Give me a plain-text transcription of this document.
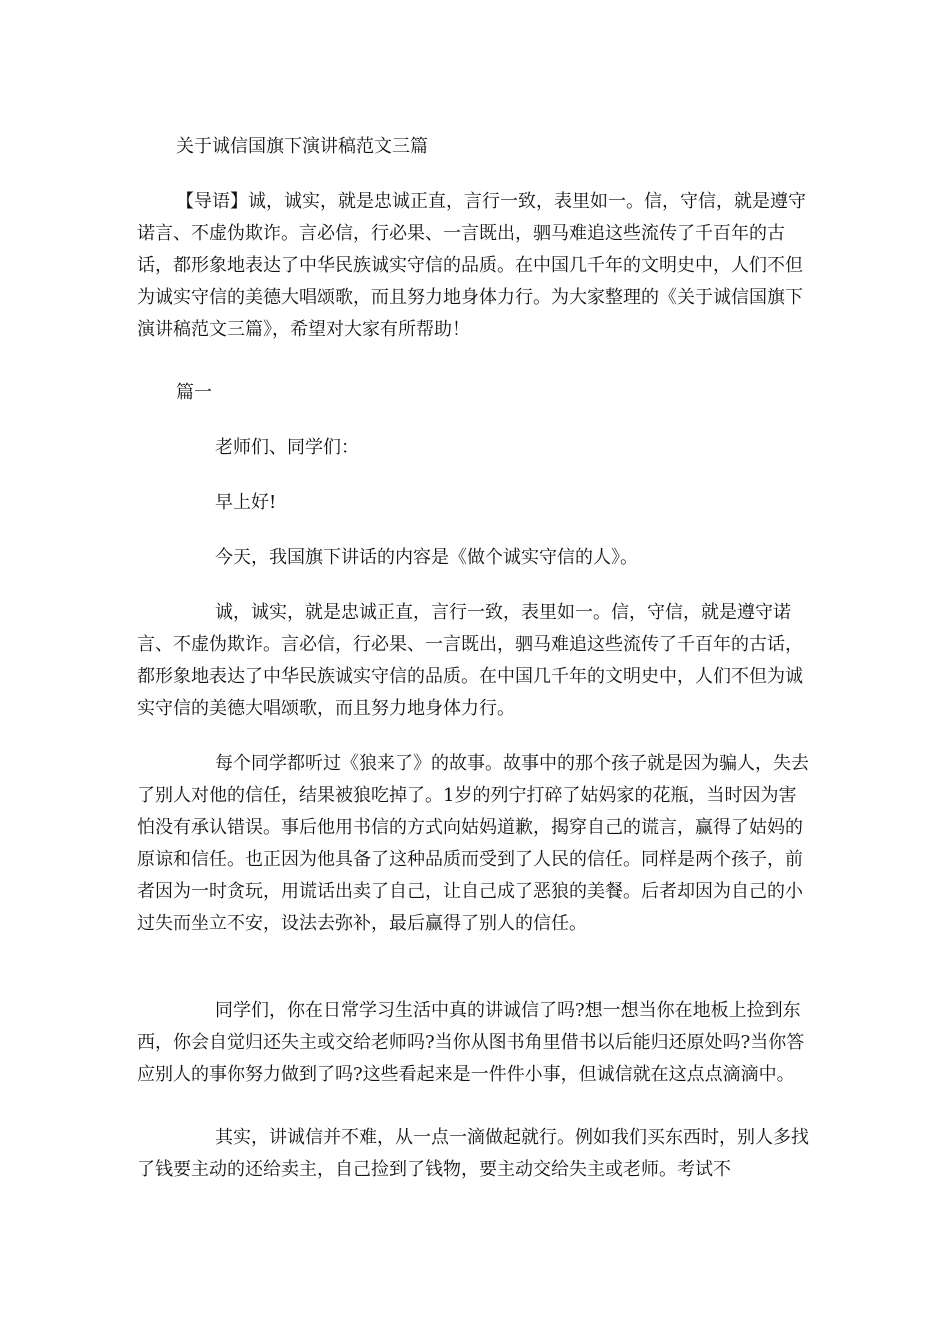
关于诚信国旗下演讲稿范文三篇

【导语】诚，诚实，就是忠诚正直，言行一致，表里如一。信，守信，就是遵守诺言、不虚伪欺诈。言必信，行必果、一言既出，驷马难追这些流传了千百年的古话，都形象地表达了中华民族诚实守信的品质。在中国几千年的文明史中，人们不但为诚实守信的美德大唱颂歌，而且努力地身体力行。为大家整理的《关于诚信国旗下演讲稿范文三篇》，希望对大家有所帮助！

篇一

老师们、同学们：

早上好!

今天，我国旗下讲话的内容是《做个诚实守信的人》。

诚，诚实，就是忠诚正直，言行一致，表里如一。信，守信，就是遵守诺言、不虚伪欺诈。言必信，行必果、一言既出，驷马难追这些流传了千百年的古话，都形象地表达了中华民族诚实守信的品质。在中国几千年的文明史中，人们不但为诚实守信的美德大唱颂歌，而且努力地身体力行。

每个同学都听过《狼来了》的故事。故事中的那个孩子就是因为骗人，失去了别人对他的信任，结果被狼吃掉了。1岁的列宁打碎了姑妈家的花瓶，当时因为害怕没有承认错误。事后他用书信的方式向姑妈道歉，揭穿自己的谎言，赢得了姑妈的原谅和信任。也正因为他具备了这种品质而受到了人民的信任。同样是两个孩子，前者因为一时贪玩，用谎话出卖了自己，让自己成了恶狼的美餐。后者却因为自己的小过失而坐立不安，设法去弥补，最后赢得了别人的信任。

同学们，你在日常学习生活中真的讲诚信了吗?想一想当你在地板上捡到东西，你会自觉归还失主或交给老师吗?当你从图书角里借书以后能归还原处吗?当你答应别人的事你努力做到了吗?这些看起来是一件件小事，但诚信就在这点点滴滴中。

其实，讲诚信并不难，从一点一滴做起就行。例如我们买东西时，别人多找了钱要主动的还给卖主，自己捡到了钱物，要主动交给失主或老师。考试不
